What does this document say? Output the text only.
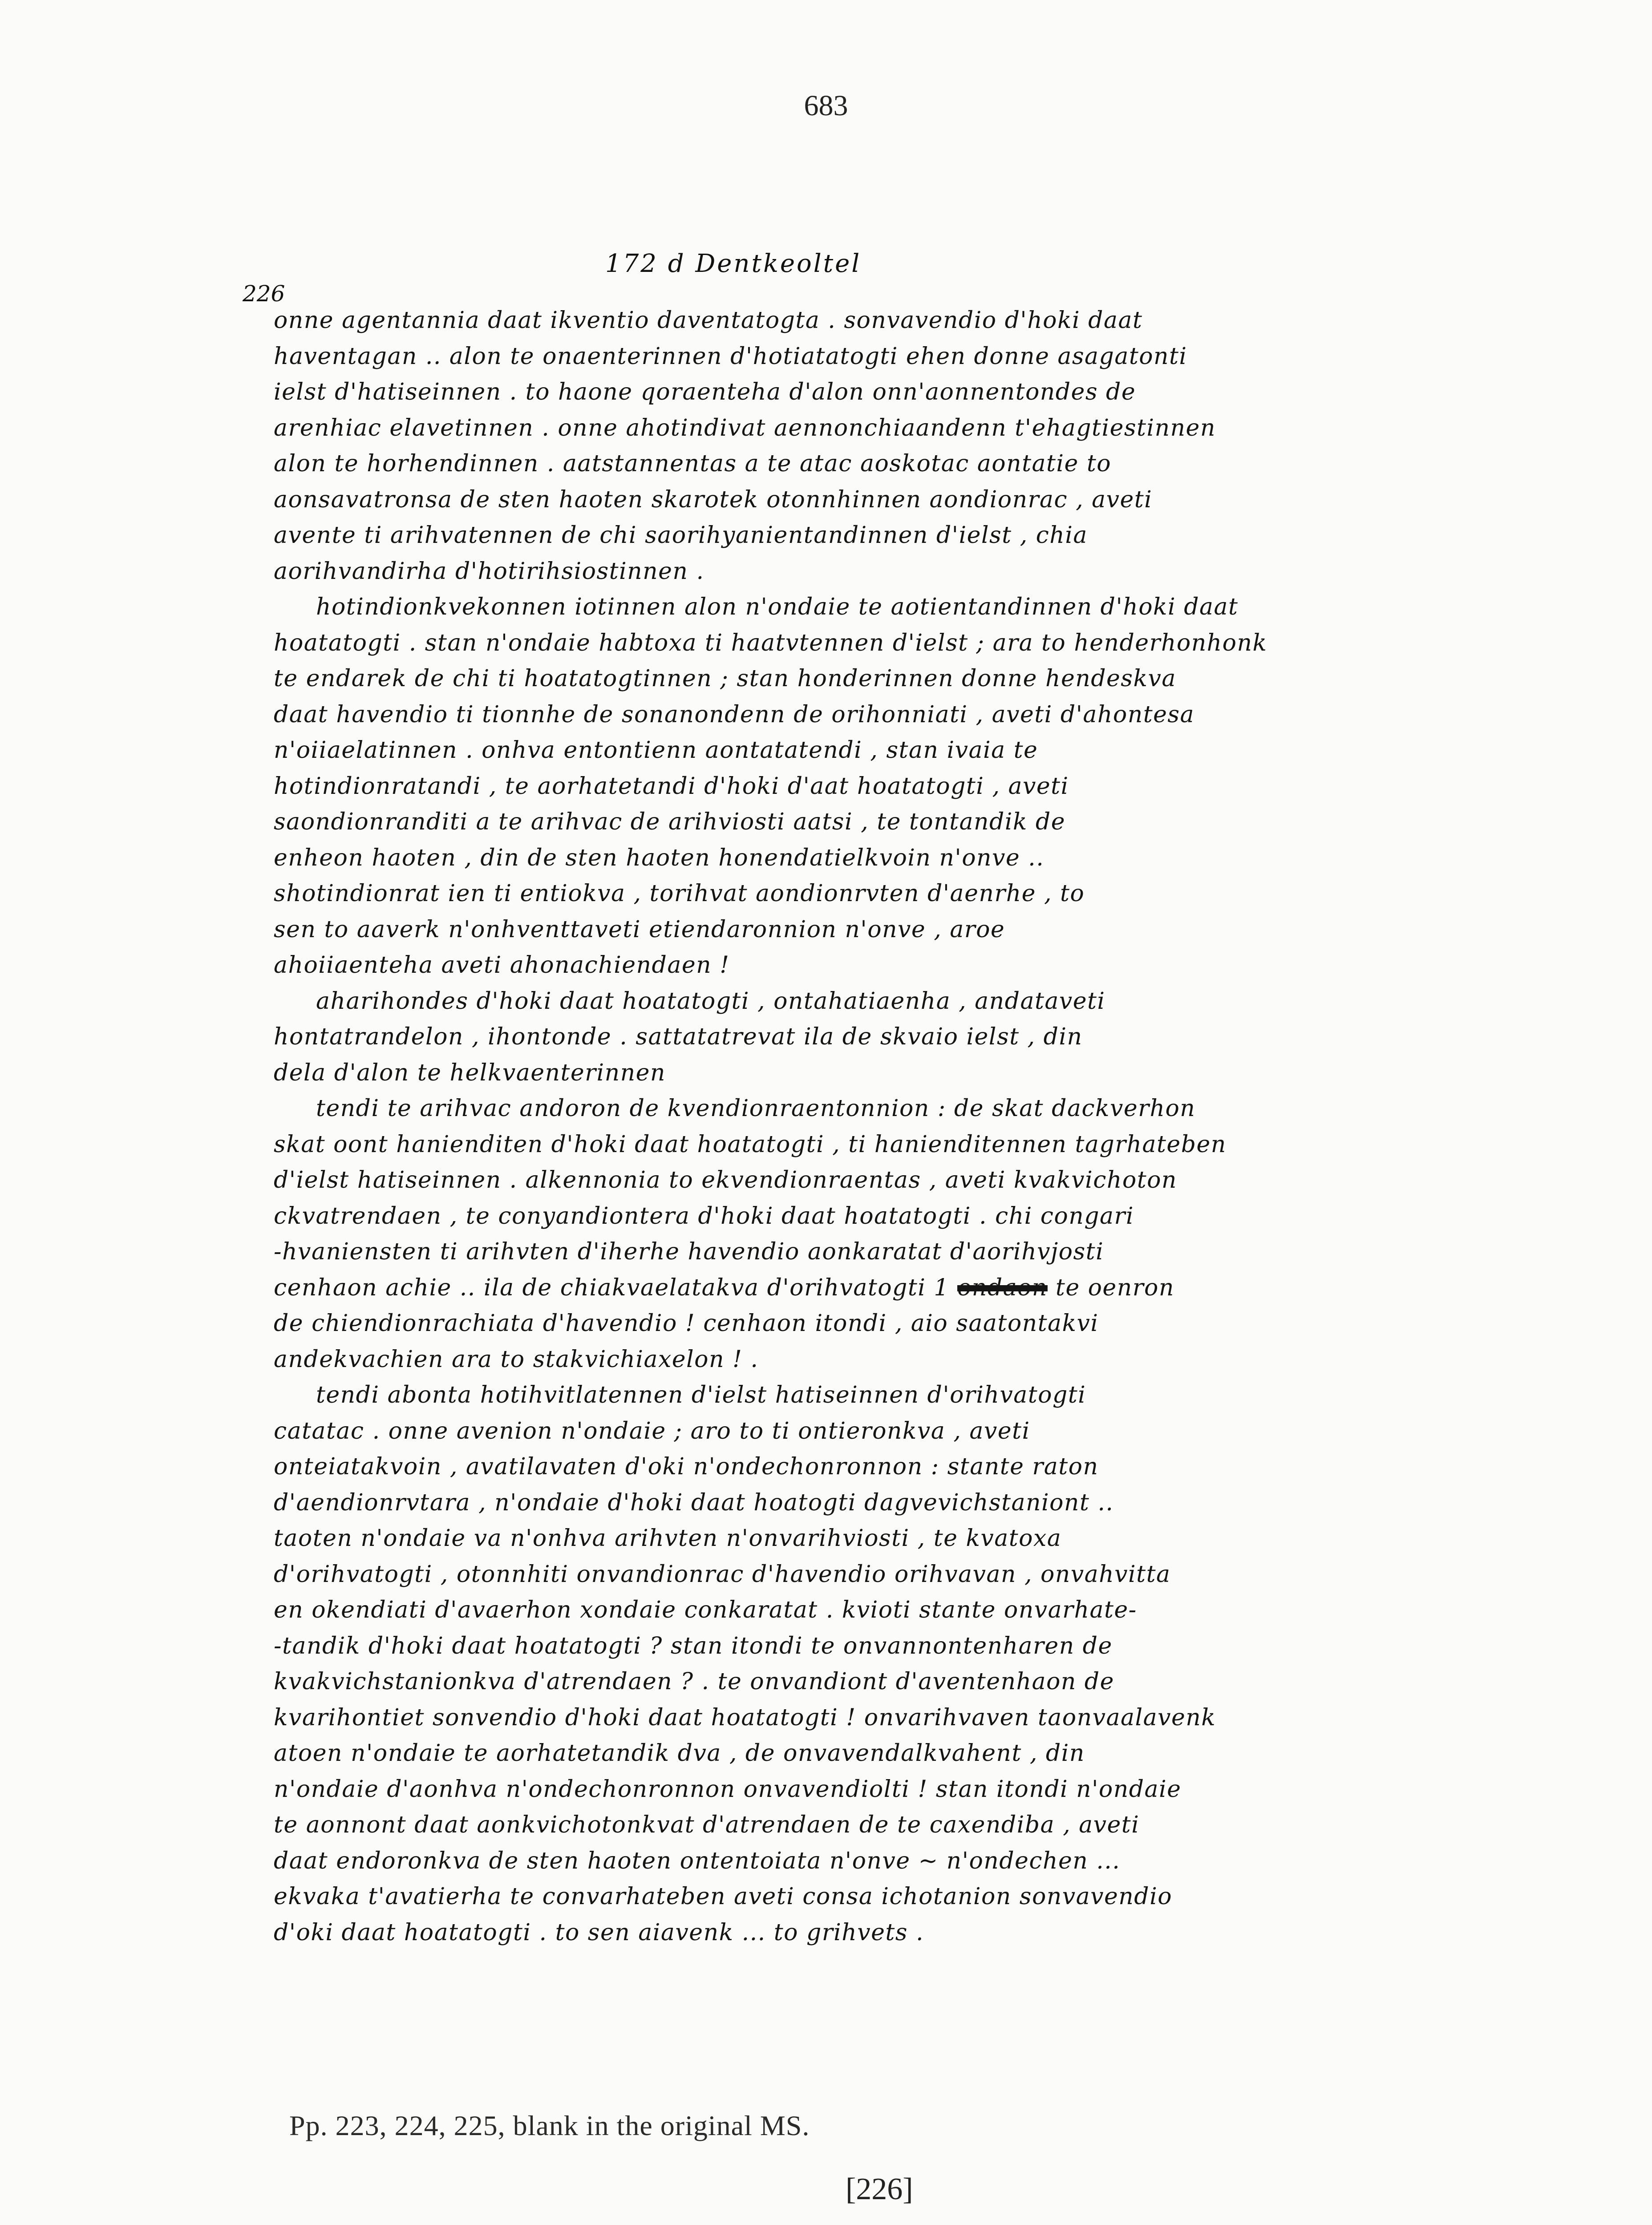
683
172 d Dentkeoltel
226
onne agentannia daat ikventio daventatogta . sonvavendio d'hoki daat
haventagan .. alon te onaenterinnen d'hotiatatogti ehen donne asagatonti
ielst d'hatiseinnen . to haone qoraenteha d'alon onn'aonnentondes de
arenhiac elavetinnen . onne ahotindivat aennonchiaandenn t'ehagtiestinnen
alon te horhendinnen . aatstannentas a te atac aoskotac aontatie to
aonsavatronsa de sten haoten skarotek otonnhinnen aondionrac , aveti
avente ti arihvatennen de chi saorihyanientandinnen d'ielst , chia
aorihvandirha d'hotirihsiostinnen .
hotindionkvekonnen iotinnen alon n'ondaie te aotientandinnen d'hoki daat
hoatatogti . stan n'ondaie habtoxa ti haatvtennen d'ielst ; ara to henderhonhonk
te endarek de chi ti hoatatogtinnen ; stan honderinnen donne hendeskva
daat havendio ti tionnhe de sonanondenn de orihonniati , aveti d'ahontesa
n'oiiaelatinnen . onhva entontienn aontatatendi , stan ivaia te
hotindionratandi , te aorhatetandi d'hoki d'aat hoatatogti , aveti
saondionranditi a te arihvac de arihviosti aatsi , te tontandik de
enheon haoten , din de sten haoten honendatielkvoin n'onve ..
shotindionrat ien ti entiokva , torihvat aondionrvten d'aenrhe , to
sen to aaverk n'onhventtaveti etiendaronnion n'onve , aroe
ahoiiaenteha aveti ahonachiendaen !
aharihondes d'hoki daat hoatatogti , ontahatiaenha , andataveti
hontatrandelon , ihontonde . sattatatrevat ila de skvaio ielst , din
dela d'alon te helkvaenterinnen
tendi te arihvac andoron de kvendionraentonnion : de skat dackverhon
skat oont hanienditen d'hoki daat hoatatogti , ti hanienditennen tagrhateben
d'ielst hatiseinnen . alkennonia to ekvendionraentas , aveti kvakvichoton
ckvatrendaen , te conyandiontera d'hoki daat hoatatogti . chi congari
-hvaniensten ti arihvten d'iherhe havendio aonkaratat d'aorihvjosti
cenhaon achie .. ila de chiakvaelatakva d'orihvatogti 1 ondaon te oenron
de chiendionrachiata d'havendio ! cenhaon itondi , aio saatontakvi
andekvachien ara to stakvichiaxelon ! .
tendi abonta hotihvitlatennen d'ielst hatiseinnen d'orihvatogti
catatac . onne avenion n'ondaie ; aro to ti ontieronkva , aveti
onteiatakvoin , avatilavaten d'oki n'ondechonronnon : stante raton
d'aendionrvtara , n'ondaie d'hoki daat hoatogti dagvevichstaniont ..
taoten n'ondaie va n'onhva arihvten n'onvarihviosti , te kvatoxa
d'orihvatogti , otonnhiti onvandionrac d'havendio orihvavan , onvahvitta
en okendiati d'avaerhon xondaie conkaratat . kvioti stante onvarhate-
-tandik d'hoki daat hoatatogti ? stan itondi te onvannontenharen de
kvakvichstanionkva d'atrendaen ? . te onvandiont d'aventenhaon de
kvarihontiet sonvendio d'hoki daat hoatatogti ! onvarihvaven taonvaalavenk
atoen n'ondaie te aorhatetandik dva , de onvavendalkvahent , din
n'ondaie d'aonhva n'ondechonronnon onvavendiolti ! stan itondi n'ondaie
te aonnont daat aonkvichotonkvat d'atrendaen de te caxendiba , aveti
daat endoronkva de sten haoten ontentoiata n'onve ~ n'ondechen ...
ekvaka t'avatierha te convarhateben aveti consa ichotanion sonvavendio
d'oki daat hoatatogti . to sen aiavenk ... to grihvets .
Pp. 223, 224, 225, blank in the original MS.
[226]
